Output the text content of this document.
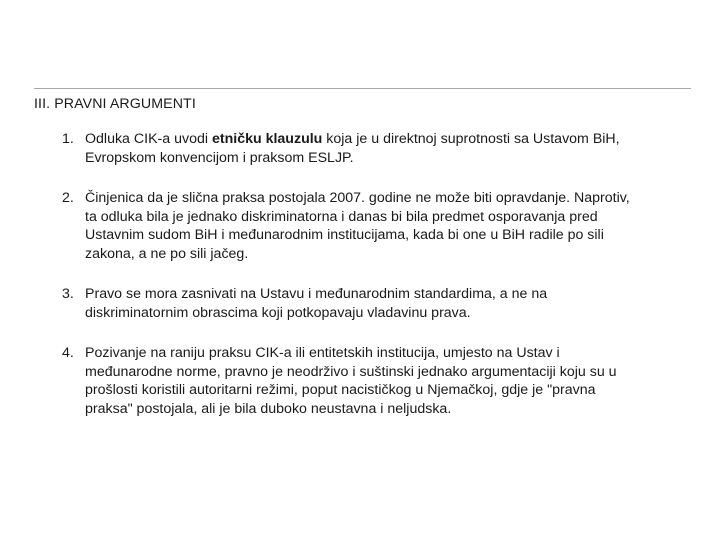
III. PRAVNI ARGUMENTI
1. Odluka CIK-a uvodi etničku klauzulu koja je u direktnoj suprotnosti sa Ustavom BiH,
Evropskom konvencijom i praksom ESLJP.
2. Činjenica da je slična praksa postojala 2007. godine ne može biti opravdanje. Naprotiv,
ta odluka bila je jednako diskriminatorna i danas bi bila predmet osporavanja pred
Ustavnim sudom BiH i međunarodnim institucijama, kada bi one u BiH radile po sili
zakona, a ne po sili jačeg.
3. Pravo se mora zasnivati na Ustavu i međunarodnim standardima, a ne na
diskriminatornim obrascima koji potkopavaju vladavinu prava.
4. Pozivanje na raniju praksu CIK-a ili entitetskih institucija, umjesto na Ustav i
međunarodne norme, pravno je neodrživo i suštinski jednako argumentaciji koju su u
prošlosti koristili autoritarni režimi, poput nacističkog u Njemačkoj, gdje je "pravna
praksa" postojala, ali je bila duboko neustavna i neljudska.
